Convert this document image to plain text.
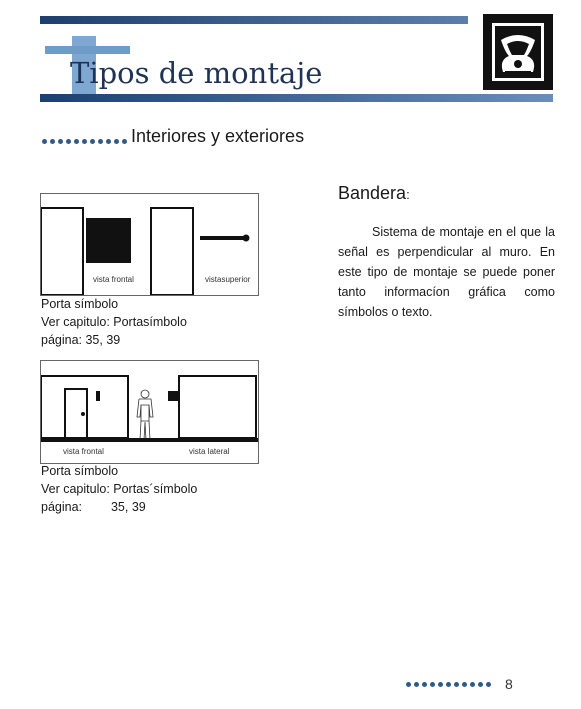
Tipos de montaje
Interiores y exteriores
vista frontal	vistasuperior
Porta símbolo
Ver capitulo: Portasímbolo
página: 35, 39
vista frontal	vista lateral
Porta símbolo
Ver capitulo: Portas´símbolo
página: 35, 39
Bandera:

Sistema de montaje en el que la señal es perpendicular al muro. En este tipo de montaje se puede poner tanto informacíon gráfica como símbolos o texto.

8
